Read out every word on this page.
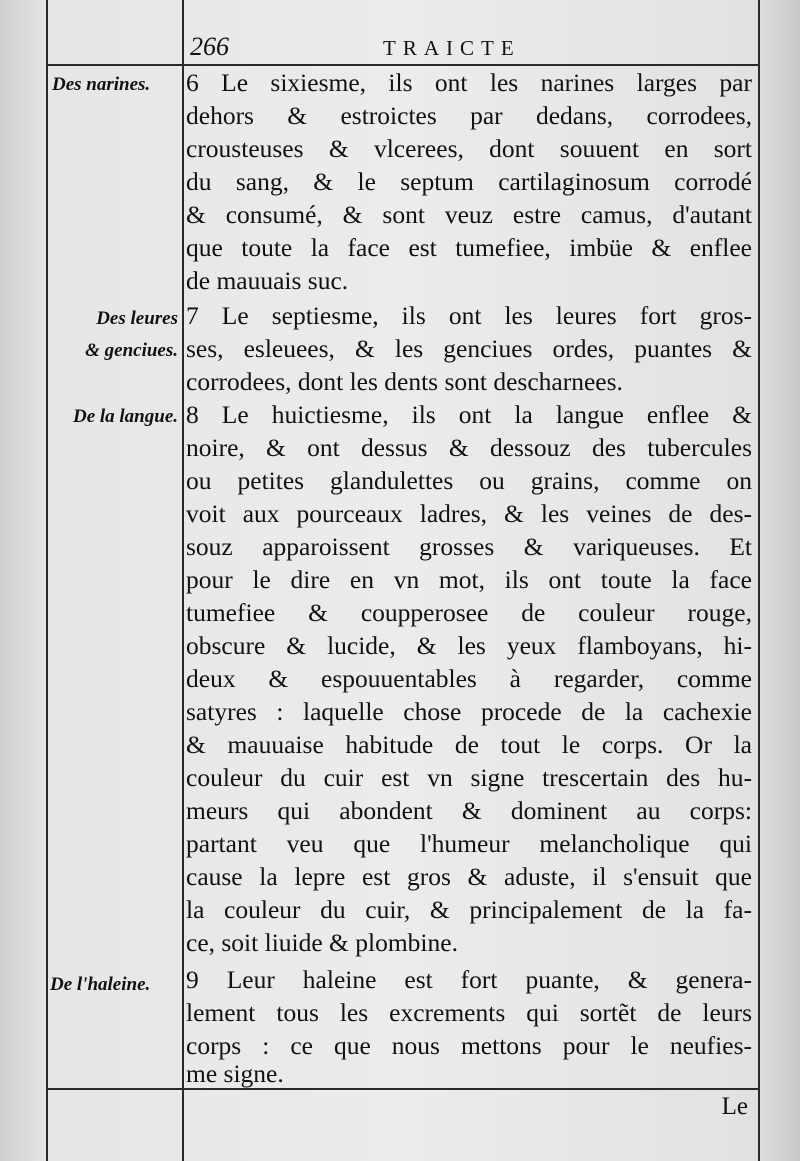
266	TRAICTE
Des narines.
Des leures
& genciues.
De la langue.
De l'haleine.
6 Le sixiesme, ils ont les narines larges par
dehors & estroictes par dedans, corrodees,
crousteuses & vlcerees, dont souuent en sort
du sang, & le septum cartilaginosum corrodé
& consumé, & sont veuz estre camus, d'autant
que toute la face est tumefiee, imbüe & enflee
de mauuais suc.
7 Le septiesme, ils ont les leures fort gros-
ses, esleuees, & les genciues ordes, puantes &
corrodees, dont les dents sont descharnees.
8 Le huictiesme, ils ont la langue enflee &
noire, & ont dessus & dessouz des tubercules
ou petites glandulettes ou grains, comme on
voit aux pourceaux ladres, & les veines de des-
souz apparoissent grosses & variqueuses. Et
pour le dire en vn mot, ils ont toute la face
tumefiee & coupperosee de couleur rouge,
obscure & lucide, & les yeux flamboyans, hi-
deux & espouuentables à regarder, comme
satyres : laquelle chose procede de la cachexie
& mauuaise habitude de tout le corps. Or la
couleur du cuir est vn signe trescertain des hu-
meurs qui abondent & dominent au corps:
partant veu que l'humeur melancholique qui
cause la lepre est gros & aduste, il s'ensuit que
la couleur du cuir, & principalement de la fa-
ce, soit liuide & plombine.
9 Leur haleine est fort puante, & genera-
lement tous les excrements qui sortẽt de leurs
corps : ce que nous mettons pour le neufies-
me signe.
Le
